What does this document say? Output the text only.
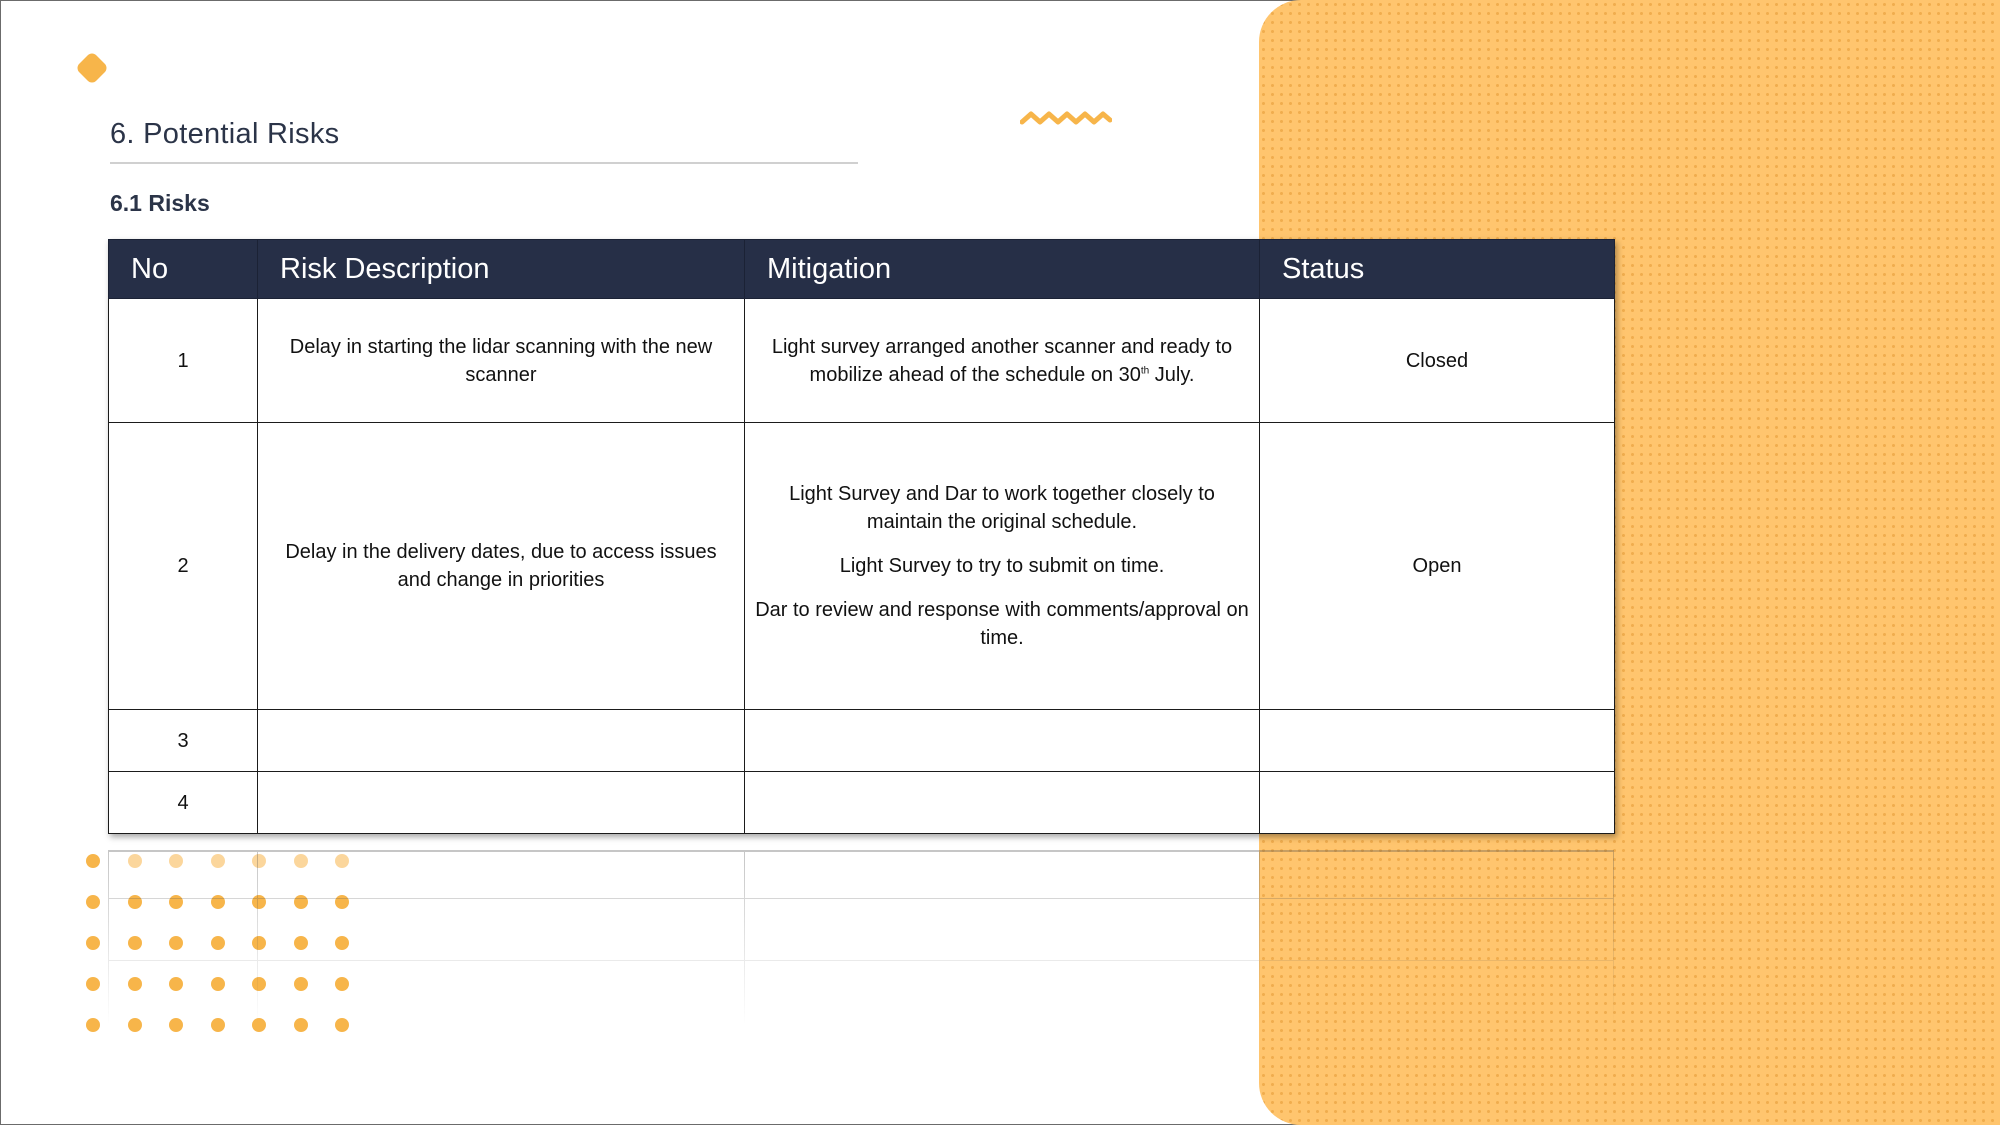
6. Potential Risks
6.1 Risks
No	Risk Description	Mitigation	Status
1	Delay in starting the lidar scanning with the new scanner	Light survey arranged another scanner and ready to mobilize ahead of the schedule on 30th July.	Closed
2	Delay in the delivery dates, due to access issues and change in priorities	Light Survey and Dar to work together closely to maintain the original schedule.

Light Survey to try to submit on time.

Dar to review and response with comments/approval on time.	Open
3			
4			
